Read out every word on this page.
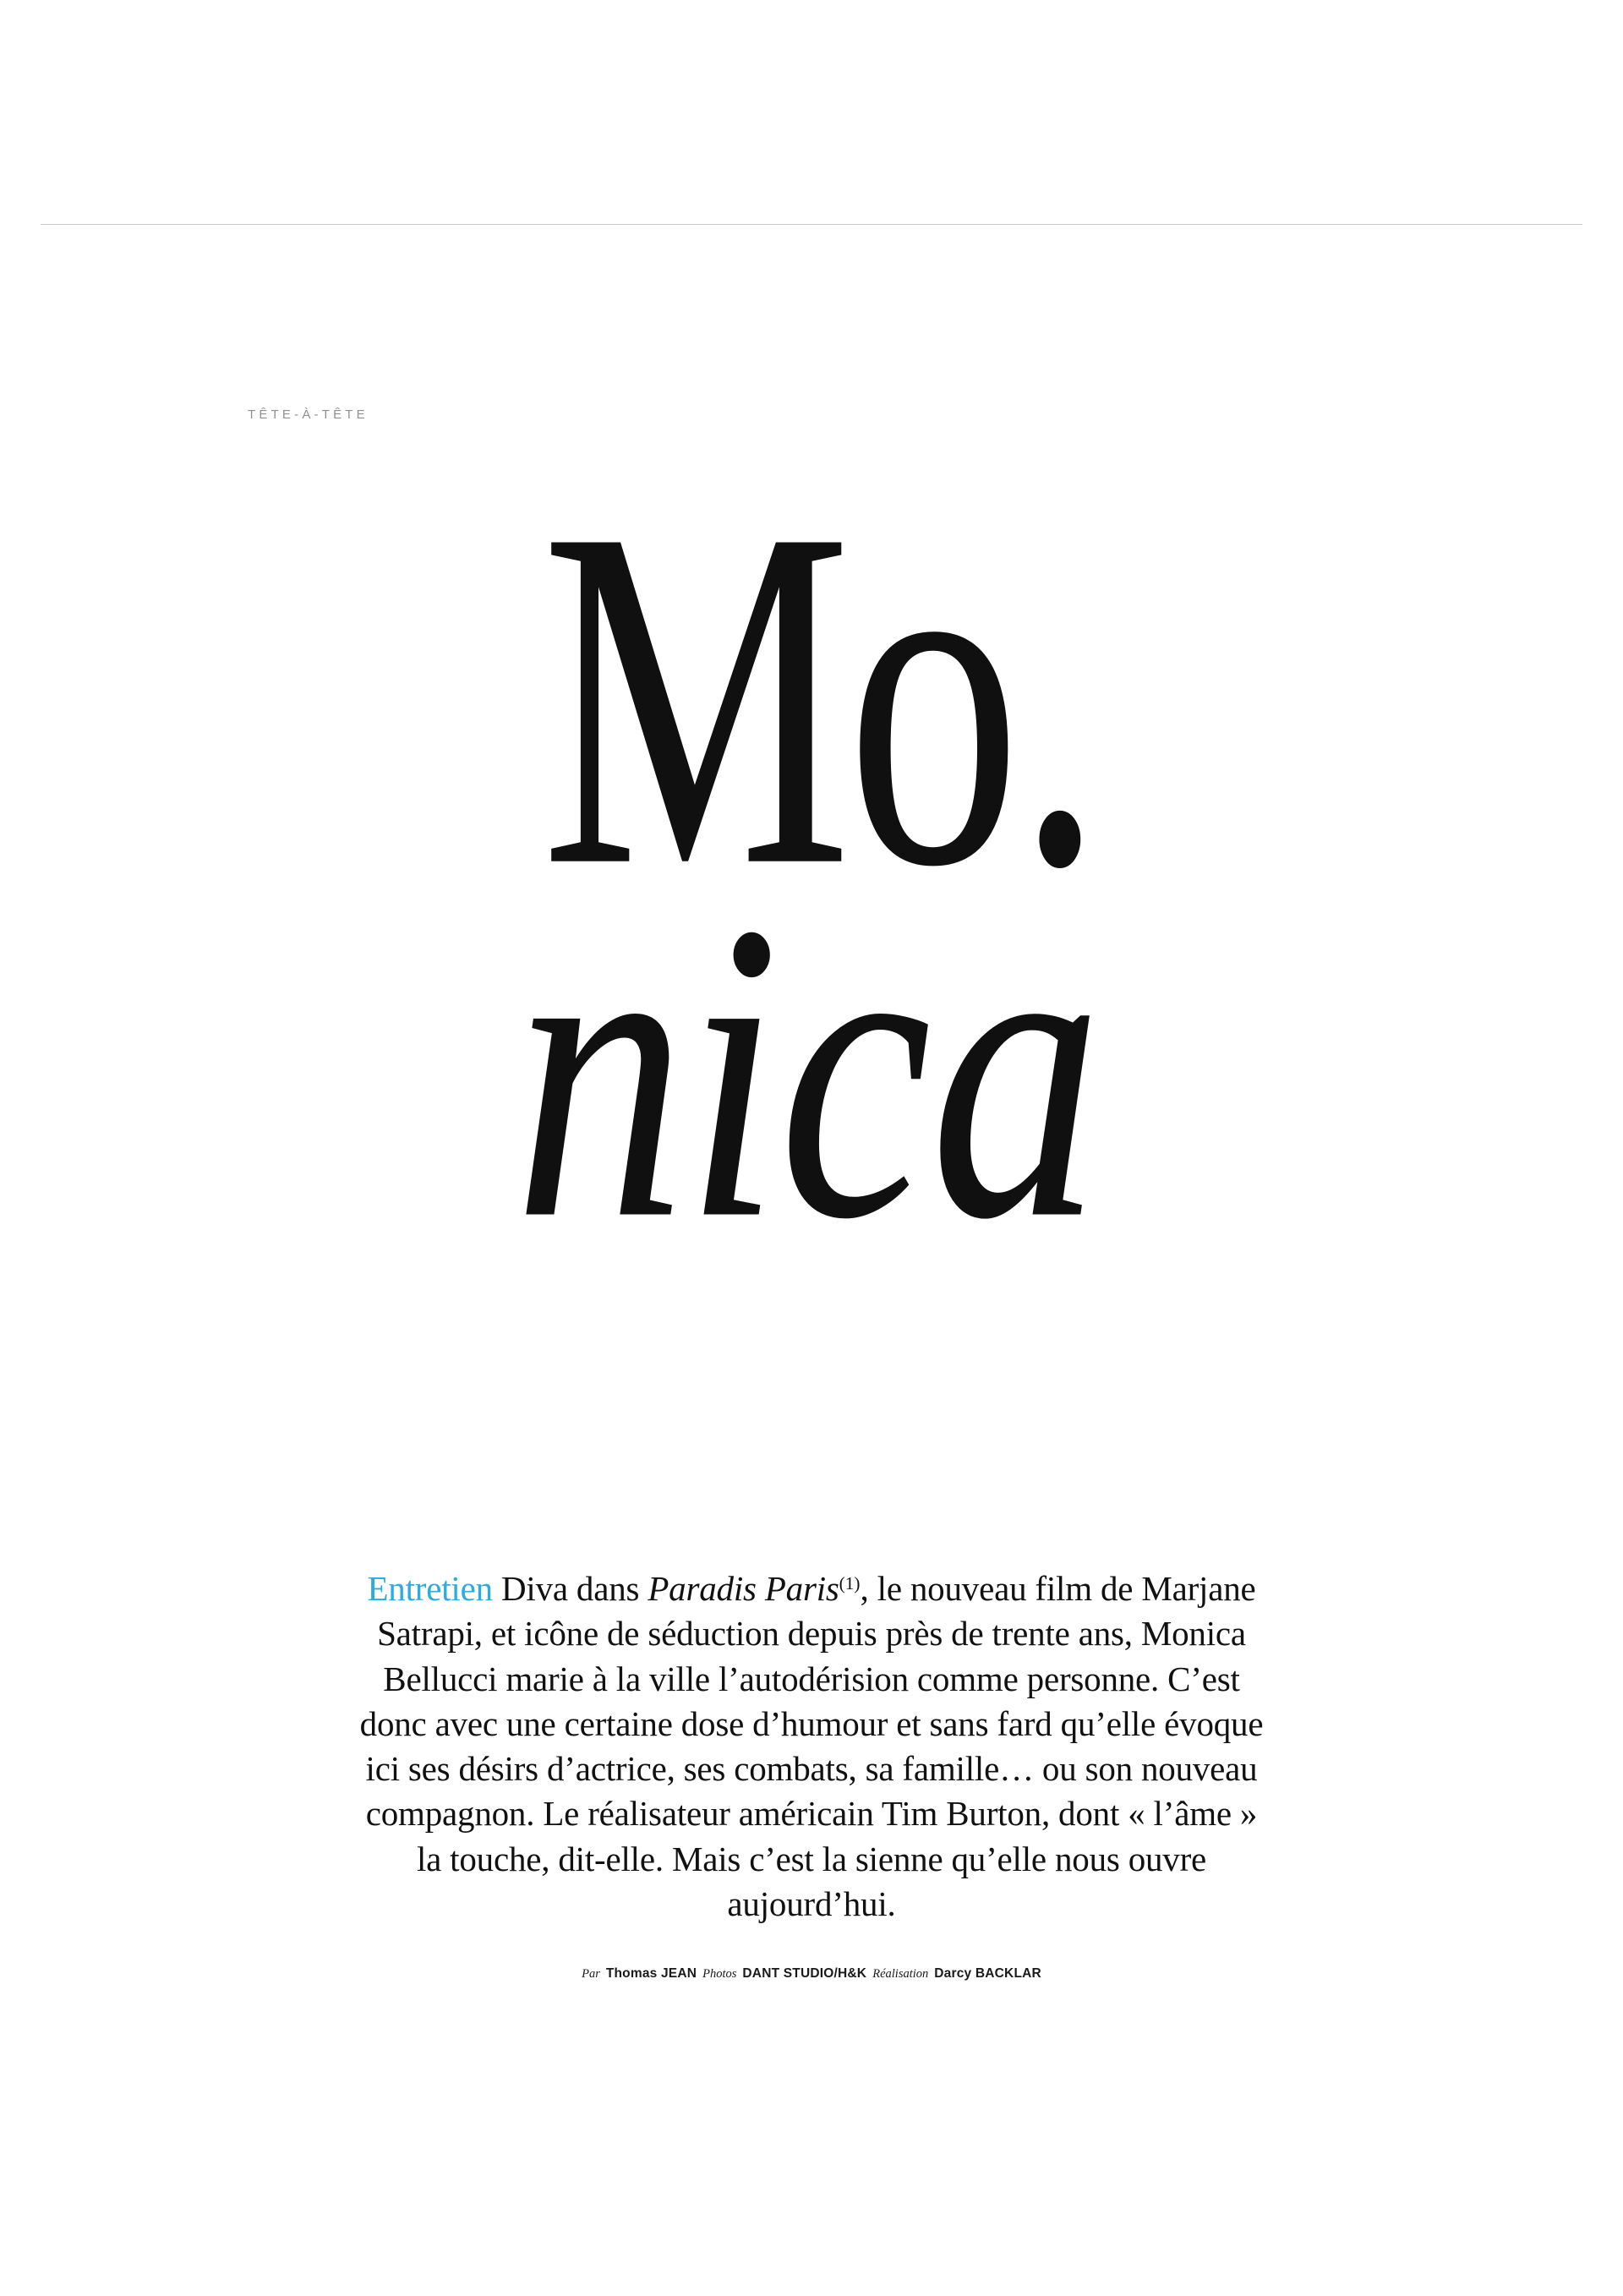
TÊTE-À-TÊTE
Mo.
nica

Entretien Diva dans Paradis Paris$^{(1)}$, le nouveau film de Marjane Satrapi, et icône de séduction depuis près de trente ans, Monica Bellucci marie à la ville l’autodérision comme personne. C’est donc avec une certaine dose d’humour et sans fard qu’elle évoque ici ses désirs d’actrice, ses combats, sa famille… ou son nouveau compagnon. Le réalisateur américain Tim Burton, dont « l’âme » la touche, dit-elle. Mais c’est la sienne qu’elle nous ouvre aujourd’hui.

Par Thomas JEAN Photos DANT STUDIO/H&K Réalisation Darcy BACKLAR
